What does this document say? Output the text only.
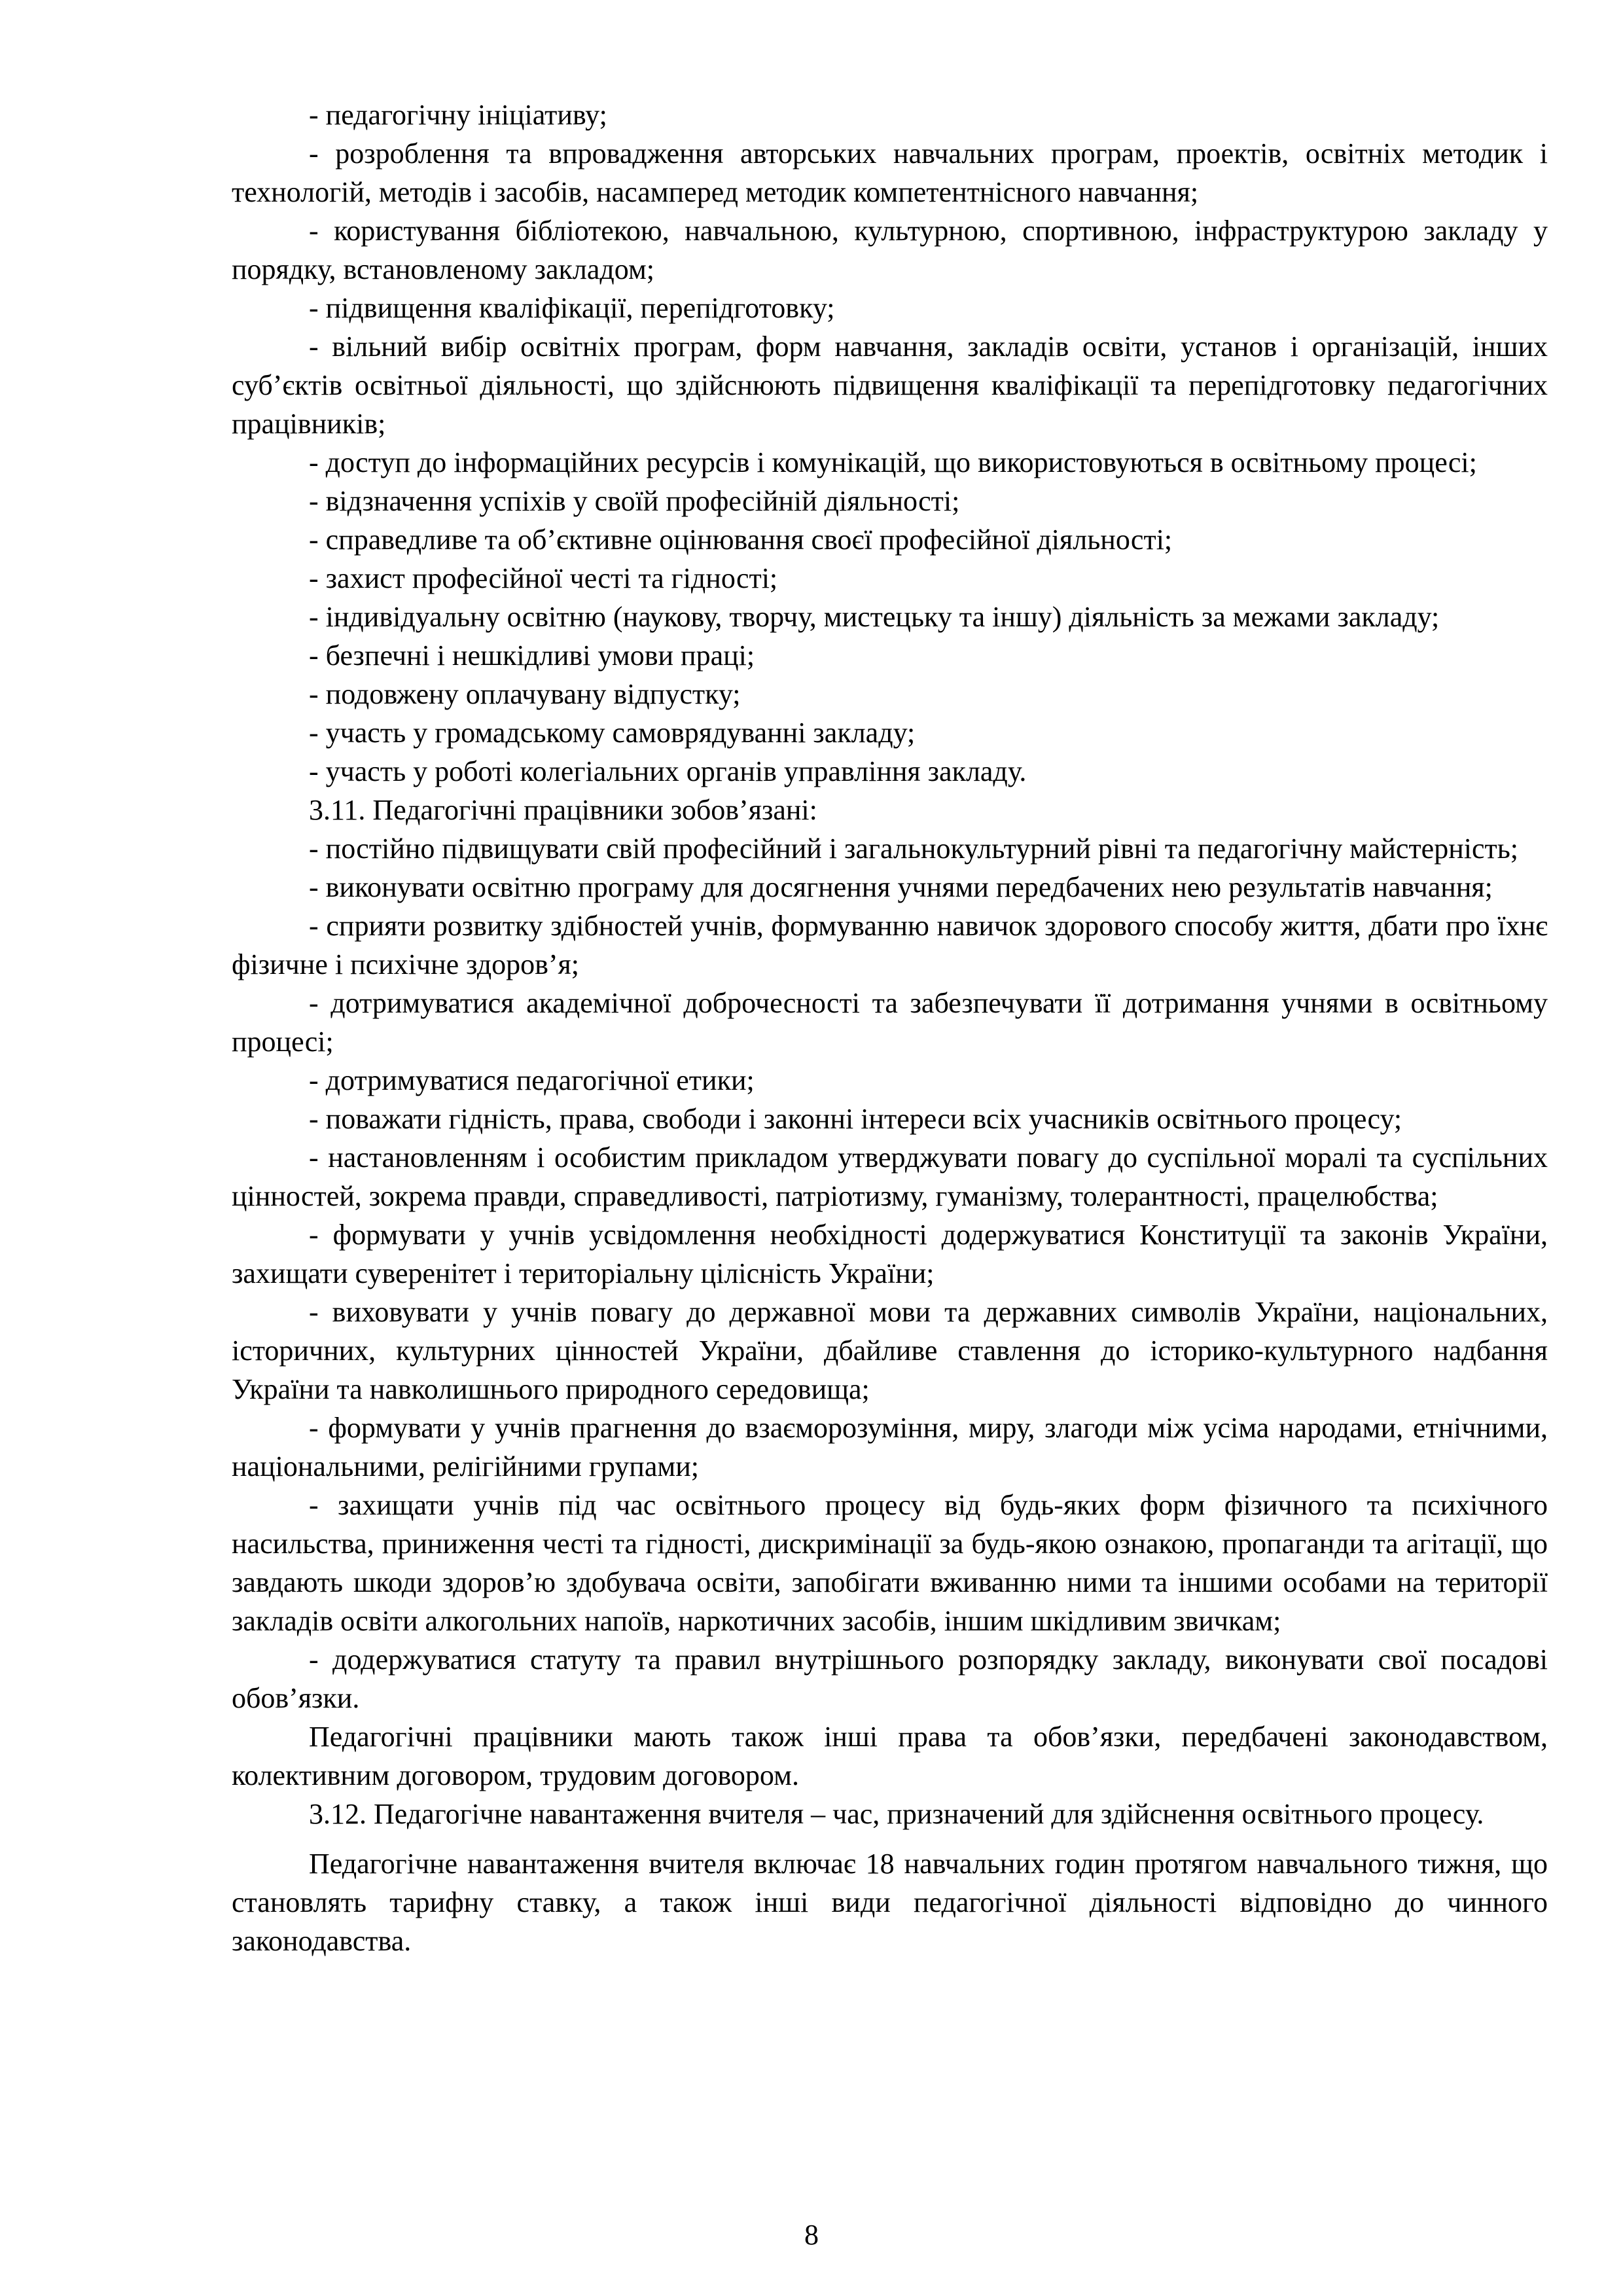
- педагогічну ініціативу;

- розроблення та впровадження авторських навчальних програм, проектів, освітніх методик і технологій, методів і засобів, насамперед методик компетентнісного навчання;

- користування бібліотекою, навчальною, культурною, спортивною, інфраструктурою закладу у порядку, встановленому закладом;

- підвищення кваліфікації, перепідготовку;

- вільний вибір освітніх програм, форм навчання, закладів освіти, установ і організацій, інших суб’єктів освітньої діяльності, що здійснюють підвищення кваліфікації та перепідготовку педагогічних працівників;

- доступ до інформаційних ресурсів і комунікацій, що використовуються в освітньому процесі;

- відзначення успіхів у своїй професійній діяльності;

- справедливе та об’єктивне оцінювання своєї професійної діяльності;

- захист професійної честі та гідності;

- індивідуальну освітню (наукову, творчу, мистецьку та іншу) діяльність за межами закладу;

- безпечні і нешкідливі умови праці;

- подовжену оплачувану відпустку;

- участь у громадському самоврядуванні закладу;

- участь у роботі колегіальних органів управління закладу.

3.11. Педагогічні працівники зобов’язані:

- постійно підвищувати свій професійний і загальнокультурний рівні та педагогічну майстерність;

- виконувати освітню програму для досягнення учнями передбачених нею результатів навчання;

- сприяти розвитку здібностей учнів, формуванню навичок здорового способу життя, дбати про їхнє фізичне і психічне здоров’я;

- дотримуватися академічної доброчесності та забезпечувати її дотримання учнями в освітньому процесі;

- дотримуватися педагогічної етики;

- поважати гідність, права, свободи і законні інтереси всіх учасників освітнього процесу;

- настановленням і особистим прикладом утверджувати повагу до суспільної моралі та суспільних цінностей, зокрема правди, справедливості, патріотизму, гуманізму, толерантності, працелюбства;

- формувати у учнів усвідомлення необхідності додержуватися Конституції та законів України, захищати суверенітет і територіальну цілісність України;

- виховувати у учнів повагу до державної мови та державних символів України, національних, історичних, культурних цінностей України, дбайливе ставлення до історико-культурного надбання України та навколишнього природного середовища;

- формувати у учнів прагнення до взаєморозуміння, миру, злагоди між усіма народами, етнічними, національними, релігійними групами;

- захищати учнів під час освітнього процесу від будь-яких форм фізичного та психічного насильства, приниження честі та гідності, дискримінації за будь-якою ознакою, пропаганди та агітації, що завдають шкоди здоров’ю здобувача освіти, запобігати вживанню ними та іншими особами на території закладів освіти алкогольних напоїв, наркотичних засобів, іншим шкідливим звичкам;

- додержуватися статуту та правил внутрішнього розпорядку закладу, виконувати свої посадові обов’язки.

Педагогічні працівники мають також інші права та обов’язки, передбачені законодавством, колективним договором, трудовим договором.

3.12. Педагогічне навантаження вчителя – час, призначений для здійснення освітнього процесу.

Педагогічне навантаження вчителя включає 18 навчальних годин протягом навчального тижня, що становлять тарифну ставку, а також інші види педагогічної діяльності відповідно до чинного законодавства.

8
